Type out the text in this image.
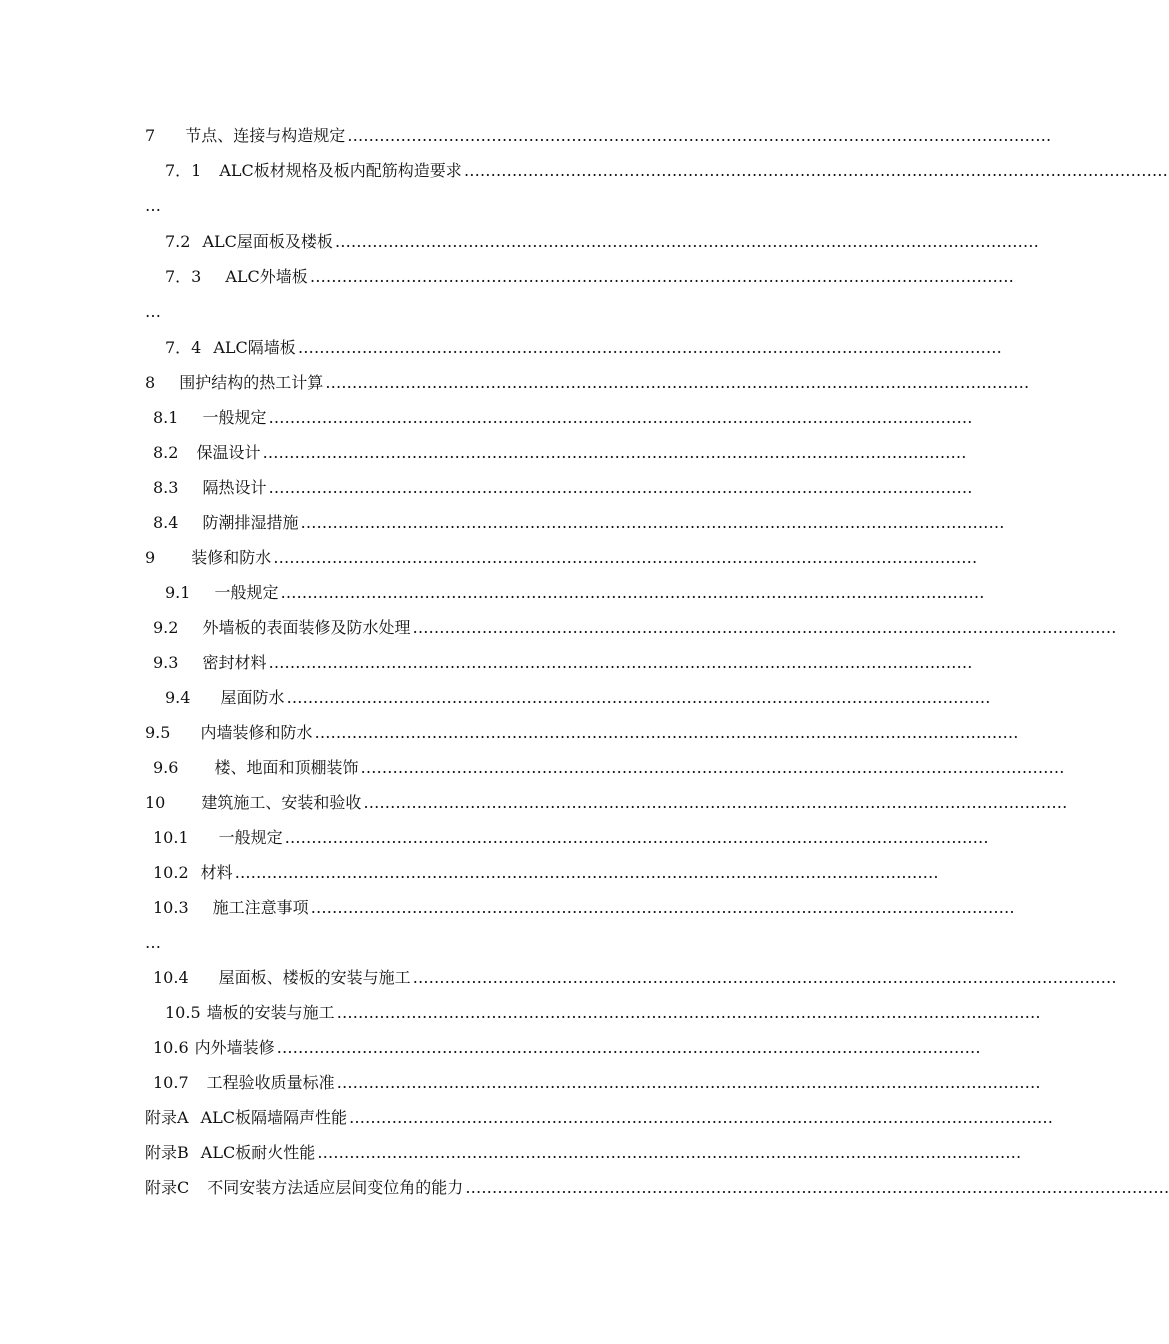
7 节点、连接与构造规定 ……………………………………………………………………………………………………………………
7．1 ALC板材规格及板内配筋构造要求 ……………………………………………………………………………………………………………………
…
7.2 ALC屋面板及楼板 ……………………………………………………………………………………………………………………
7．3 ALC外墙板 ……………………………………………………………………………………………………………………
…
7．4 ALC隔墙板 ……………………………………………………………………………………………………………………
8 围护结构的热工计算 ……………………………………………………………………………………………………………………
8.1 一般规定 ……………………………………………………………………………………………………………………
8.2 保温设计 ……………………………………………………………………………………………………………………
8.3 隔热设计 ……………………………………………………………………………………………………………………
8.4 防潮排湿措施 ……………………………………………………………………………………………………………………
9 装修和防水 ……………………………………………………………………………………………………………………
9.1 一般规定 ……………………………………………………………………………………………………………………
9.2 外墙板的表面装修及防水处理 ……………………………………………………………………………………………………………………
9.3 密封材料 ……………………………………………………………………………………………………………………
9.4 屋面防水 ……………………………………………………………………………………………………………………
9.5 内墙装修和防水 ……………………………………………………………………………………………………………………
9.6 楼、地面和顶棚装饰 ……………………………………………………………………………………………………………………
10 建筑施工、安装和验收 ……………………………………………………………………………………………………………………
10.1 一般规定 ……………………………………………………………………………………………………………………
10.2 材料 ……………………………………………………………………………………………………………………
10.3 施工注意事项 ……………………………………………………………………………………………………………………
…
10.4 屋面板、楼板的安装与施工 ……………………………………………………………………………………………………………………
10.5 墙板的安装与施工 ……………………………………………………………………………………………………………………
10.6 内外墙装修 ……………………………………………………………………………………………………………………
10.7 工程验收质量标准 ……………………………………………………………………………………………………………………
附录A ALC板隔墙隔声性能 ……………………………………………………………………………………………………………………
附录B ALC板耐火性能 ……………………………………………………………………………………………………………………
附录C 不同安装方法适应层间变位角的能力 ……………………………………………………………………………………………………………………
